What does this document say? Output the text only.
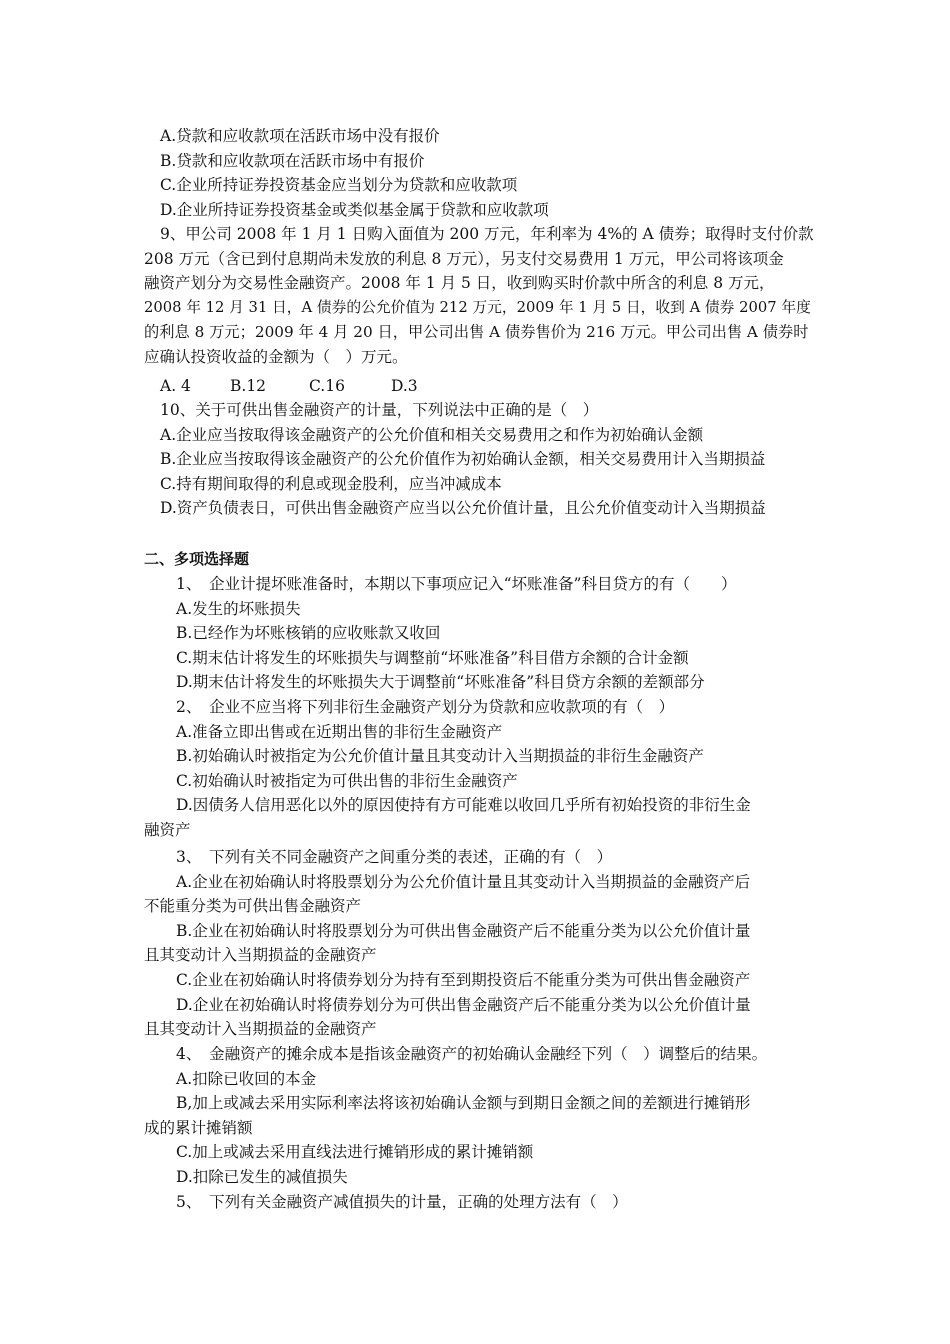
A.贷款和应收款项在活跃市场中没有报价
B.贷款和应收款项在活跃市场中有报价
C.企业所持证券投资基金应当划分为贷款和应收款项
D.企业所持证券投资基金或类似基金属于贷款和应收款项
9、甲公司 2008 年 1 月 1 日购入面值为 200 万元，年利率为 4%的 A 债券；取得时支付价款
208 万元（含已到付息期尚未发放的利息 8 万元），另支付交易费用 1 万元，甲公司将该项金
融资产划分为交易性金融资产。2008 年 1 月 5 日，收到购买时价款中所含的利息 8 万元，
2008 年 12 月 31 日，A 债券的公允价值为 212 万元，2009 年 1 月 5 日，收到 A 债券 2007 年度
的利息 8 万元；2009 年 4 月 20 日，甲公司出售 A 债券售价为 216 万元。甲公司出售 A 债券时
应确认投资收益的金额为（　）万元。
A. 4	B.12	C.16	D.3
10、关于可供出售金融资产的计量，下列说法中正确的是（　）
A.企业应当按取得该金融资产的公允价值和相关交易费用之和作为初始确认金额
B.企业应当按取得该金融资产的公允价值作为初始确认金额，相关交易费用计入当期损益
C.持有期间取得的利息或现金股利，应当冲减成本
D.资产负债表日，可供出售金融资产应当以公允价值计量，且公允价值变动计入当期损益
二、多项选择题
1、　企业计提坏账准备时，本期以下事项应记入“坏账准备”科目贷方的有（　　）
A.发生的坏账损失
B.已经作为坏账核销的应收账款又收回
C.期末估计将发生的坏账损失与调整前“坏账准备”科目借方余额的合计金额
D.期末估计将发生的坏账损失大于调整前“坏账准备”科目贷方余额的差额部分
2、　企业不应当将下列非衍生金融资产划分为贷款和应收款项的有（　）
A.准备立即出售或在近期出售的非衍生金融资产
B.初始确认时被指定为公允价值计量且其变动计入当期损益的非衍生金融资产
C.初始确认时被指定为可供出售的非衍生金融资产
D.因债务人信用恶化以外的原因使持有方可能难以收回几乎所有初始投资的非衍生金
融资产
3、　下列有关不同金融资产之间重分类的表述，正确的有（　）
A.企业在初始确认时将股票划分为公允价值计量且其变动计入当期损益的金融资产后
不能重分类为可供出售金融资产
B.企业在初始确认时将股票划分为可供出售金融资产后不能重分类为以公允价值计量
且其变动计入当期损益的金融资产
C.企业在初始确认时将债券划分为持有至到期投资后不能重分类为可供出售金融资产
D.企业在初始确认时将债券划分为可供出售金融资产后不能重分类为以公允价值计量
且其变动计入当期损益的金融资产
4、　金融资产的摊余成本是指该金融资产的初始确认金融经下列（　）调整后的结果。
A.扣除已收回的本金
B,加上或减去采用实际利率法将该初始确认金额与到期日金额之间的差额进行摊销形
成的累计摊销额
C.加上或减去采用直线法进行摊销形成的累计摊销额
D.扣除已发生的减值损失
5、　下列有关金融资产减值损失的计量，正确的处理方法有（　）
